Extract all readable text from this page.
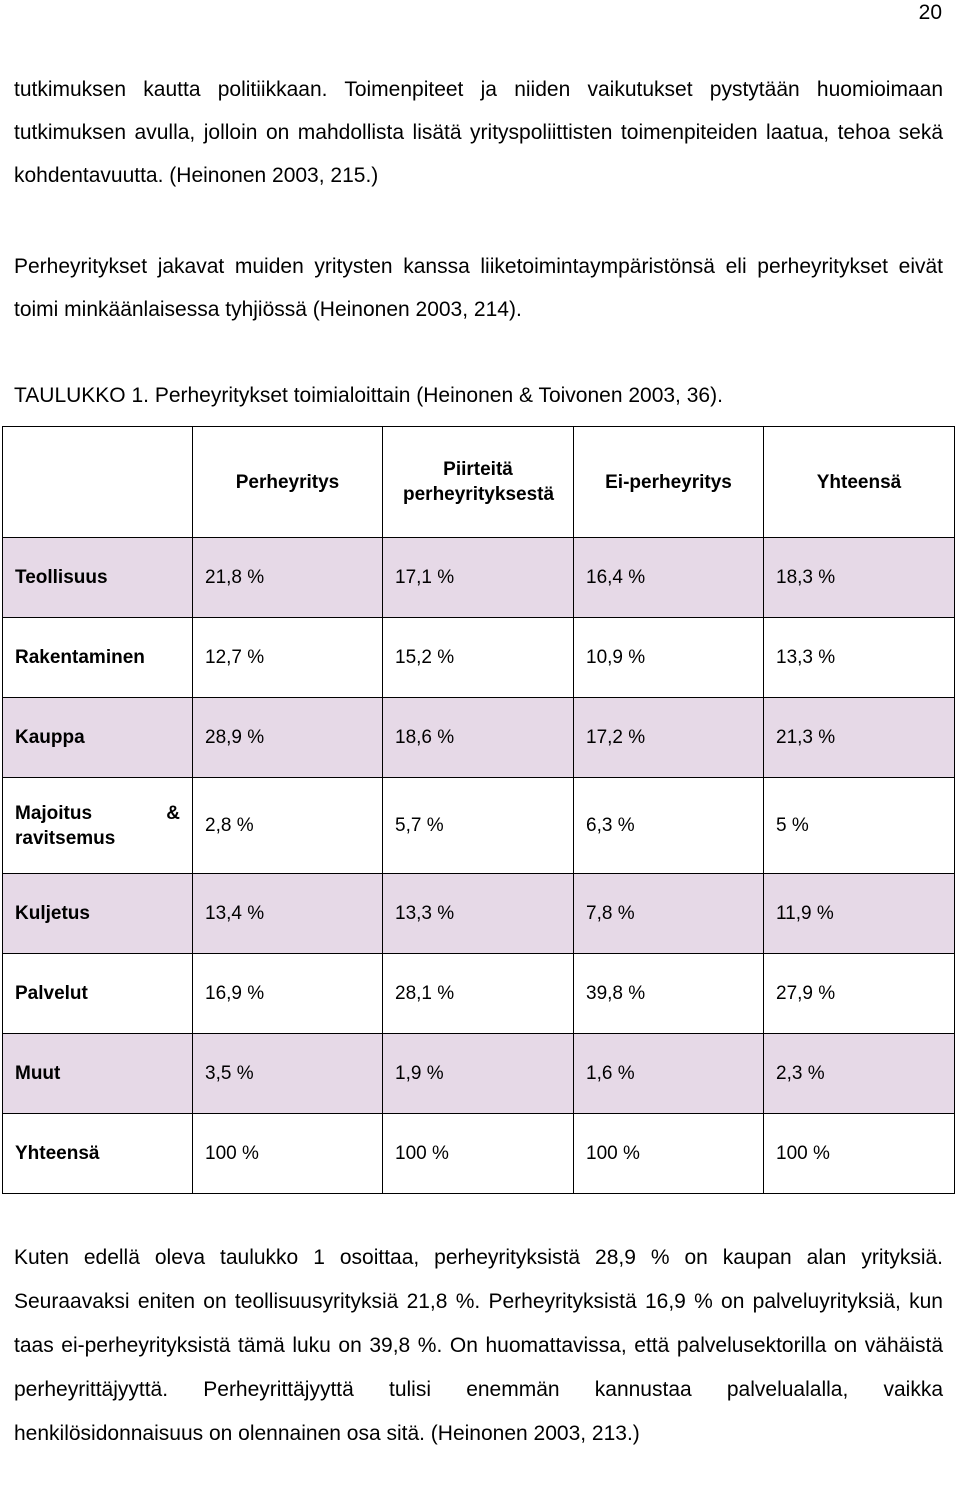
20

tutkimuksen kautta politiikkaan. Toimenpiteet ja niiden vaikutukset pystytään huomioimaan tutkimuksen avulla, jolloin on mahdollista lisätä yrityspoliittisten toimenpiteiden laatua, tehoa sekä kohdentavuutta. (Heinonen 2003, 215.)

Perheyritykset jakavat muiden yritysten kanssa liiketoimintaympäristönsä eli perheyritykset eivät toimi minkäänlaisessa tyhjiössä (Heinonen 2003, 214).

TAULUKKO 1. Perheyritykset toimialoittain (Heinonen & Toivonen 2003, 36).

	Perheyritys	Piirteitä perheyrityksestä	Ei-perheyritys	Yhteensä
Teollisuus	21,8 %	17,1 %	16,4 %	18,3 %
Rakentaminen	12,7 %	15,2 %	10,9 %	13,3 %
Kauppa	28,9 %	18,6 %	17,2 %	21,3 %
Majoitus & ravitsemus	2,8 %	5,7 %	6,3 %	5 %
Kuljetus	13,4 %	13,3 %	7,8 %	11,9 %
Palvelut	16,9 %	28,1 %	39,8 %	27,9 %
Muut	3,5 %	1,9 %	1,6 %	2,3 %
Yhteensä	100 %	100 %	100 %	100 %

Kuten edellä oleva taulukko 1 osoittaa, perheyrityksistä 28,9 % on kaupan alan yrityksiä. Seuraavaksi eniten on teollisuusyrityksiä 21,8 %. Perheyrityksistä 16,9 % on palveluyrityksiä, kun taas ei-perheyrityksistä tämä luku on 39,8 %. On huomattavissa, että palvelusektorilla on vähäistä perheyrittäjyyttä. Perheyrittäjyyttä tulisi enemmän kannustaa palvelualalla, vaikka henkilösidonnaisuus on olennainen osa sitä. (Heinonen 2003, 213.)
